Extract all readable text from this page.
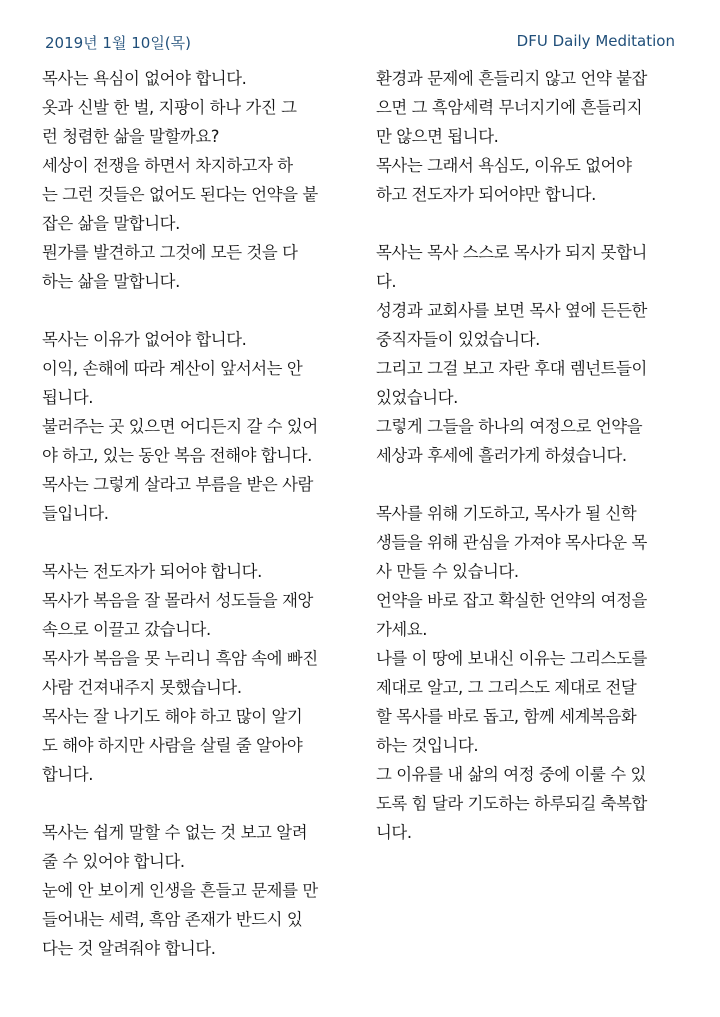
2019년 1월 10일(목)	DFU Daily Meditation
목사는 욕심이 없어야 합니다.
옷과 신발 한 벌, 지팡이 하나 가진 그
런 청렴한 삶을 말할까요?
세상이 전쟁을 하면서 차지하고자 하
는 그런 것들은 없어도 된다는 언약을 붙
잡은 삶을 말합니다.
뭔가를 발견하고 그것에 모든 것을 다
하는 삶을 말합니다.
목사는 이유가 없어야 합니다.
이익, 손해에 따라 계산이 앞서서는 안
됩니다.
불러주는 곳 있으면 어디든지 갈 수 있어
야 하고, 있는 동안 복음 전해야 합니다.
목사는 그렇게 살라고 부름을 받은 사람
들입니다.
목사는 전도자가 되어야 합니다.
목사가 복음을 잘 몰라서 성도들을 재앙
속으로 이끌고 갔습니다.
목사가 복음을 못 누리니 흑암 속에 빠진
사람 건져내주지 못했습니다.
목사는 잘 나기도 해야 하고 많이 알기
도 해야 하지만 사람을 살릴 줄 알아야
합니다.
목사는 쉽게 말할 수 없는 것 보고 알려
줄 수 있어야 합니다.
눈에 안 보이게 인생을 흔들고 문제를 만
들어내는 세력, 흑암 존재가 반드시 있
다는 것 알려줘야 합니다.
환경과 문제에 흔들리지 않고 언약 붙잡
으면 그 흑암세력 무너지기에 흔들리지
만 않으면 됩니다.
목사는 그래서 욕심도, 이유도 없어야
하고 전도자가 되어야만 합니다.
목사는 목사 스스로 목사가 되지 못합니
다.
성경과 교회사를 보면 목사 옆에 든든한
중직자들이 있었습니다.
그리고 그걸 보고 자란 후대 렘넌트들이
있었습니다.
그렇게 그들을 하나의 여정으로 언약을
세상과 후세에 흘러가게 하셨습니다.
목사를 위해 기도하고, 목사가 될 신학
생들을 위해 관심을 가져야 목사다운 목
사 만들 수 있습니다.
언약을 바로 잡고 확실한 언약의 여정을
가세요.
나를 이 땅에 보내신 이유는 그리스도를
제대로 알고, 그 그리스도 제대로 전달
할 목사를 바로 돕고, 함께 세계복음화
하는 것입니다.
그 이유를 내 삶의 여정 중에 이룰 수 있
도록 힘 달라 기도하는 하루되길 축복합
니다.
